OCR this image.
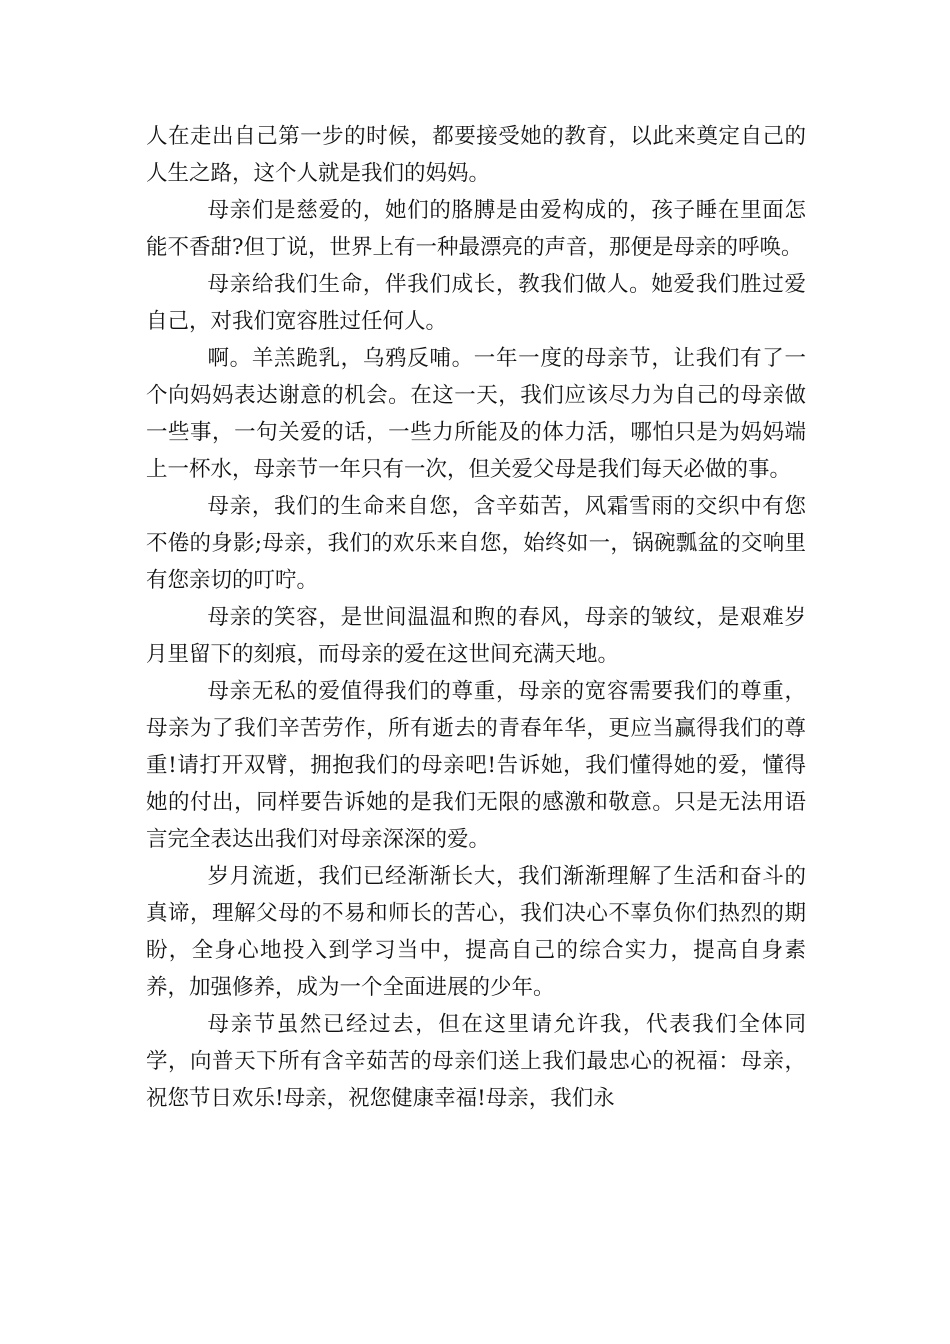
人在走出自己第一步的时候，都要接受她的教育，以此来奠定自己的人生之路，这个人就是我们的妈妈。

母亲们是慈爱的，她们的胳膊是由爱构成的，孩子睡在里面怎能不香甜?但丁说，世界上有一种最漂亮的声音，那便是母亲的呼唤。

母亲给我们生命，伴我们成长，教我们做人。她爱我们胜过爱自己，对我们宽容胜过任何人。

啊。羊羔跪乳，乌鸦反哺。一年一度的母亲节，让我们有了一个向妈妈表达谢意的机会。在这一天，我们应该尽力为自己的母亲做一些事，一句关爱的话，一些力所能及的体力活，哪怕只是为妈妈端上一杯水，母亲节一年只有一次，但关爱父母是我们每天必做的事。

母亲，我们的生命来自您，含辛茹苦，风霜雪雨的交织中有您不倦的身影;母亲，我们的欢乐来自您，始终如一，锅碗瓢盆的交响里有您亲切的叮咛。

母亲的笑容，是世间温温和煦的春风，母亲的皱纹，是艰难岁月里留下的刻痕，而母亲的爱在这世间充满天地。

母亲无私的爱值得我们的尊重，母亲的宽容需要我们的尊重，母亲为了我们辛苦劳作，所有逝去的青春年华，更应当赢得我们的尊重!请打开双臂，拥抱我们的母亲吧!告诉她，我们懂得她的爱，懂得她的付出，同样要告诉她的是我们无限的感激和敬意。只是无法用语言完全表达出我们对母亲深深的爱。

岁月流逝，我们已经渐渐长大，我们渐渐理解了生活和奋斗的真谛，理解父母的不易和师长的苦心，我们决心不辜负你们热烈的期盼，全身心地投入到学习当中，提高自己的综合实力，提高自身素养，加强修养，成为一个全面进展的少年。

母亲节虽然已经过去，但在这里请允许我，代表我们全体同学，向普天下所有含辛茹苦的母亲们送上我们最忠心的祝福：母亲，祝您节日欢乐!母亲，祝您健康幸福!母亲，我们永
